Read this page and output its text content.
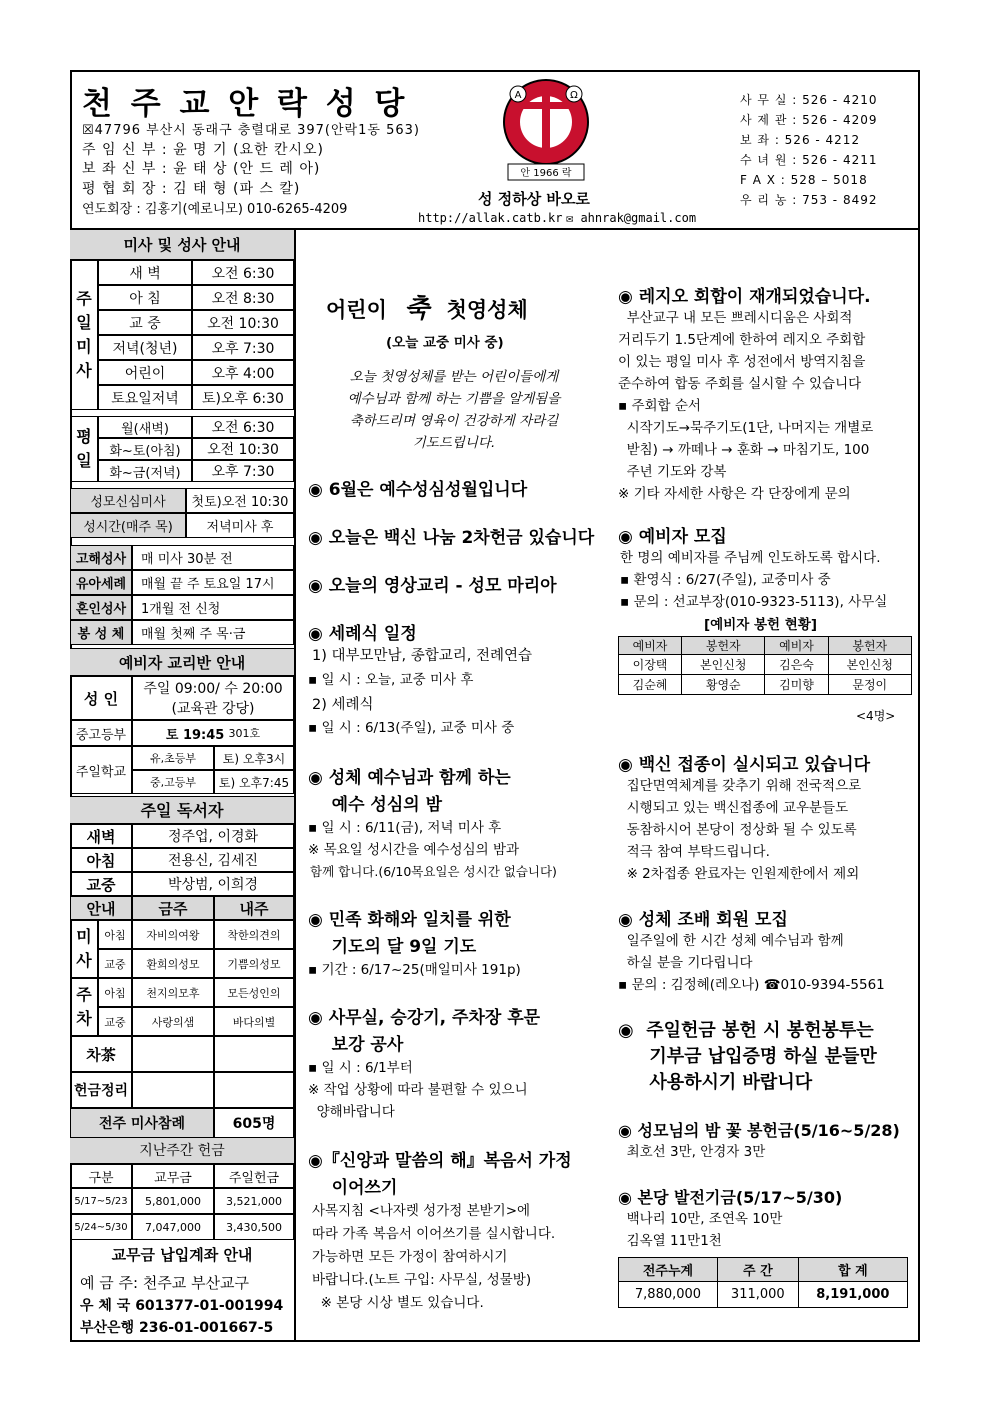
천 주 교 안 락 성 당
☒47796 부산시 동래구 충렬대로 397(안락1동 563)
주 임 신 부 : 윤 명 기 (요한 칸시오)
보 좌 신 부 : 윤 태 상 (안 드 레 아)
평 협 회 장 : 김 태 형 (파 스 칼)
연도회장 : 김홍기(예로니모) 010-6265-4209
A	Ω
안 1966 락
성 정하상 바오로
http://allak.catb.kr ✉ ahnrak@gmail.com
사 무 실 : 526 - 4210
사 제 관 : 526 - 4209
보 좌 : 526 - 4212
수 녀 원 : 526 - 4211
F A X : 528 – 5018
우 리 농 : 753 - 8492
미사 및 성사 안내
주
일
미
사
새 벽	오전 6:30
아 침	오전 8:30
교 중	오전 10:30
저녁(청년)	오후 7:30
어린이	오후 4:00
토요일저녁	토)오후 6:30
평
일
월(새벽)	오전 6:30
화~토(아침)	오전 10:30
화~금(저녁)	오후 7:30
성모신심미사	첫토)오전 10:30
성시간(매주 목)	저녁미사 후
고해성사	매 미사 30분 전
유아세례	매월 끝 주 토요일 17시
혼인성사	1개월 전 신청
봉 성 체	매월 첫째 주 목·금
예비자 교리반 안내
성 인
주일 09:00/ 수 20:00
(교육관 강당)
중고등부	토 19:45
301호
주일학교
유,초등부	토) 오후3시
중,고등부	토) 오후7:45
주일 독서자
새벽	정주업, 이경화
아침	전용신, 김세진
교중	박상범, 이희경
안내	금주	내주
미
사
아침	자비의여왕	착한의견의
교중	환희의성모	기쁨의성모
주
차
아침	천지의모후	모든성인의
교중	사랑의샘	바다의별
차茶
헌금정리
전주 미사참례	605명
지난주간 헌금
구분	교무금	주일헌금
5/17~5/23	5,801,000	3,521,000
5/24~5/30	7,047,000	3,430,500
교무금 납입계좌 안내
예 금 주: 천주교 부산교구
우 체 국 601377-01-001994
부산은행 236-01-001667-5
어린이 축 첫영성체
(오늘 교중 미사 중)
오늘 첫영성체를 받는 어린이들에게
예수님과 함께 하는 기쁨을 알게됨을
축하드리며 영육이 건강하게 자라길
기도드립니다.
◉ 6월은 예수성심성월입니다
◉ 오늘은 백신 나눔 2차헌금 있습니다
◉ 오늘의 영상교리 - 성모 마리아
◉ 세례식 일정
1) 대부모만남, 종합교리, 전례연습
▪ 일 시 : 오늘, 교중 미사 후
2) 세례식
▪ 일 시 : 6/13(주일), 교중 미사 중
◉ 성체 예수님과 함께 하는
예수 성심의 밤
▪ 일 시 : 6/11(금), 저녁 미사 후
※ 목요일 성시간을 예수성심의 밤과
함께 합니다.(6/10목요일은 성시간 없습니다)
◉ 민족 화해와 일치를 위한
기도의 달 9일 기도
▪ 기간 : 6/17~25(매일미사 191p)
◉ 사무실, 승강기, 주차장 후문
보강 공사
▪ 일 시 : 6/1부터
※ 작업 상황에 따라 불편할 수 있으니
양해바랍니다
◉『신앙과 말씀의 해』복음서 가정
이어쓰기
사목지침 <나자렛 성가정 본받기>에
따라 가족 복음서 이어쓰기를 실시합니다.
가능하면 모든 가정이 참여하시기
바랍니다.(노트 구입: 사무실, 성물방)
※ 본당 시상 별도 있습니다.
◉ 레지오 회합이 재개되었습니다.
부산교구 내 모든 쁘레시디움은 사회적
거리두기 1.5단계에 한하여 레지오 주회합
이 있는 평일 미사 후 성전에서 방역지침을
준수하여 합동 주회를 실시할 수 있습니다
▪ 주회합 순서
시작기도→묵주기도(1단, 나머지는 개별로
받침) → 까떼나 → 훈화 → 마침기도, 100
주년 기도와 강복
※ 기타 자세한 사항은 각 단장에게 문의
◉ 예비자 모집
한 명의 예비자를 주님께 인도하도록 합시다.
▪ 환영식 : 6/27(주일), 교중미사 중
▪ 문의 : 선교부장(010-9323-5113), 사무실
[예비자 봉헌 현황]
예비자	봉헌자	예비자	봉헌자
이장택	본인신청	김은숙	본인신청
김순혜	황영순	김미향	문정이
<4명>
◉ 백신 접종이 실시되고 있습니다
집단면역체계를 갖추기 위해 전국적으로
시행되고 있는 백신접종에 교우분들도
동참하시어 본당이 정상화 될 수 있도록
적극 참여 부탁드립니다.
※ 2차접종 완료자는 인원제한에서 제외
◉ 성체 조배 회원 모집
일주일에 한 시간 성체 예수님과 함께
하실 분을 기다립니다
▪ 문의 : 김정혜(레오나) ☎010-9394-5561
◉  주일헌금 봉헌 시 봉헌봉투는
기부금 납입증명 하실 분들만
사용하시기 바랍니다
◉ 성모님의 밤 꽃 봉헌금(5/16~5/28)
최호선 3만, 안경자 3만
◉ 본당 발전기금(5/17~5/30)
백나리 10만, 조연옥 10만
김옥열 11만1천
전주누계	주 간	합 계
7,880,000	311,000	8,191,000
